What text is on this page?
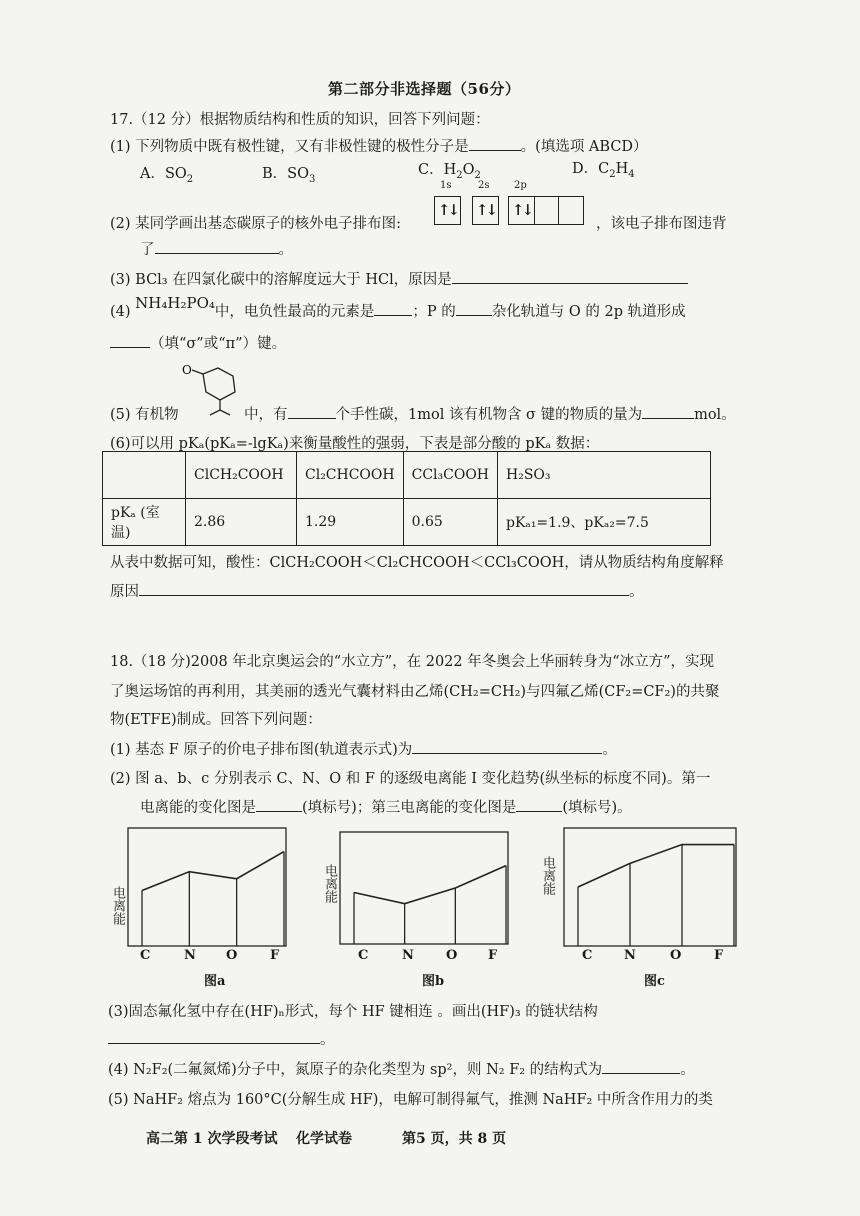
第二部分非选择题（56分）
17.（12 分）根据物质结构和性质的知识，回答下列问题：
(1) 下列物质中既有极性键，又有非极性键的极性分子是	。(填选项 ABCD）
A．$SO_2$	B．$SO_3$
C．$H_2O_2$	D．$C_2H_4$
(2) 某同学画出基态碳原子的核外电子排布图:
1s	2s 2p
↑↓ ↑↓ ↑↓
，该电子排布图违背
了	。
(3) BCl₃ 在四氯化碳中的溶解度远大于 HCl，原因是
(4) NH₄H₂PO₄中，电负性最高的元素是	；P 的 杂化轨道与 O 的 2p 轨道形成
（填“σ”或“π”）键。
O
(5) 有机物	中，有	个手性碳，1mol 该有机物含 σ 键的物质的量为	mol。
(6)可以用 pKₐ(pKₐ=-lgKₐ)来衡量酸性的强弱，下表是部分酸的 pKₐ 数据：
	ClCH₂COOH	Cl₂CHCOOH	CCl₃COOH	H₂SO₃
pKₐ (室温)	2.86	1.29	0.65	pKₐ₁=1.9、pKₐ₂=7.5
从表中数据可知，酸性：ClCH₂COOH＜Cl₂CHCOOH＜CCl₃COOH，请从物质结构角度解释
原因	。
18.（18 分)2008 年北京奥运会的“水立方”，在 2022 年冬奥会上华丽转身为“冰立方”，实现
了奥运场馆的再利用，其美丽的透光气囊材料由乙烯(CH₂=CH₂)与四氟乙烯(CF₂=CF₂)的共聚
物(ETFE)制成。回答下列问题：
(1) 基态 F 原子的价电子排布图(轨道表示式)为	。
(2) 图 a、b、c 分别表示 C、N、O 和 F 的逐级电离能 I 变化趋势(纵坐标的标度不同)。第一
电离能的变化图是	(填标号)；第三电离能的变化图是	(填标号)。
电离能
C	N O	F
图a
电离能
C	N O F
图b
电离能
C N	O	F
图c
(3)固态氟化氢中存在(HF)ₙ形式，每个 HF 键相连 。画出(HF)₃ 的链状结构
。
(4) N₂F₂(二氟氮烯)分子中，氮原子的杂化类型为 sp²，则 N₂ F₂ 的结构式为	。
(5) NaHF₂ 熔点为 160°C(分解生成 HF)，电解可制得氟气，推测 NaHF₂ 中所含作用力的类
高二第 1 次学段考试 化学试卷	第5 页，共 8 页
